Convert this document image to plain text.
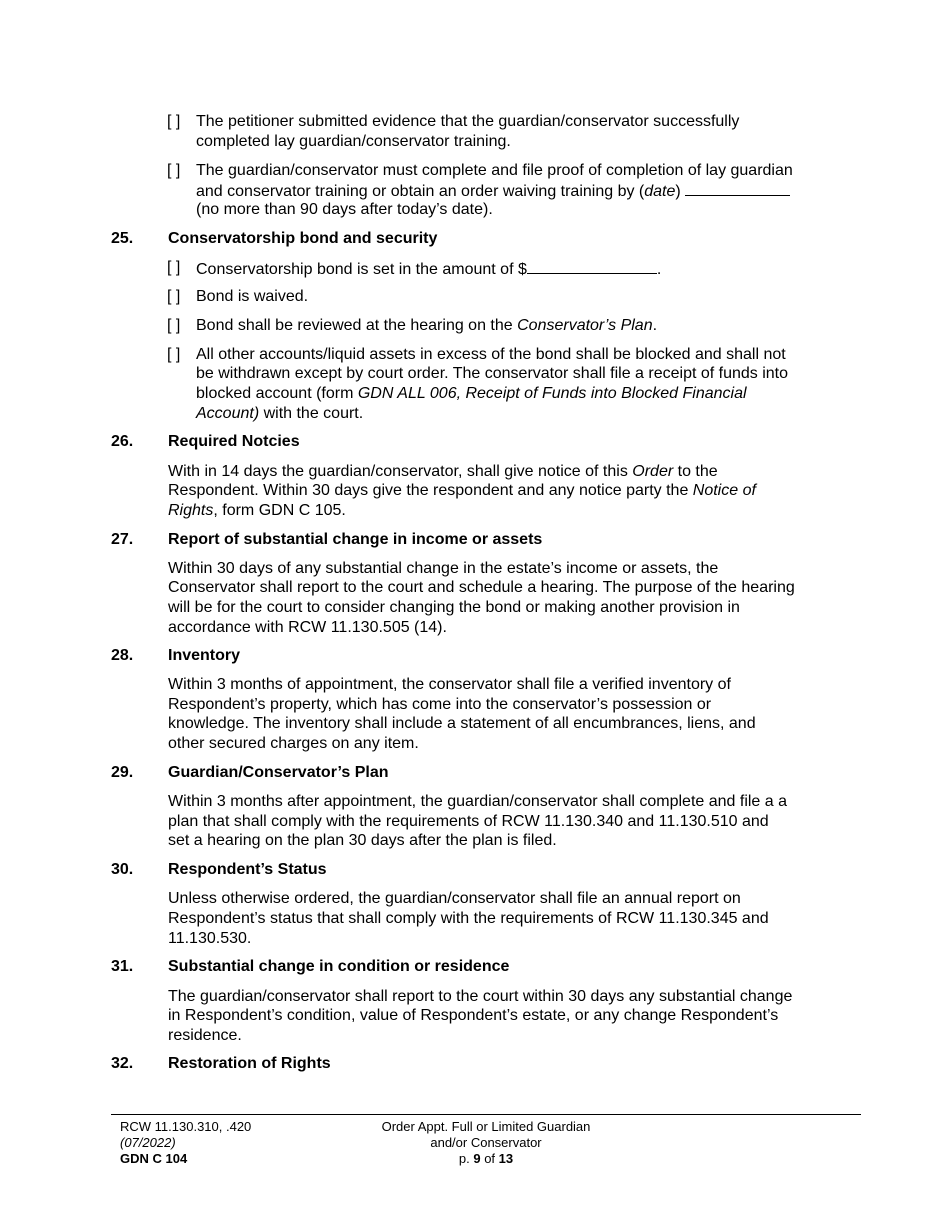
[ ] The petitioner submitted evidence that the guardian/conservator successfully
completed lay guardian/conservator training.
[ ] The guardian/conservator must complete and file proof of completion of lay guardian
and conservator training or obtain an order waiving training by (date)
(no more than 90 days after today’s date).
25. Conservatorship bond and security
[ ] Conservatorship bond is set in the amount of $	.
[ ] Bond is waived.
[ ] Bond shall be reviewed at the hearing on the Conservator’s Plan.
[ ] All other accounts/liquid assets in excess of the bond shall be blocked and shall not
be withdrawn except by court order. The conservator shall file a receipt of funds into
blocked account (form GDN ALL 006, Receipt of Funds into Blocked Financial
Account) with the court.
26. Required Notcies
With in 14 days the guardian/conservator, shall give notice of this Order to the
Respondent. Within 30 days give the respondent and any notice party the Notice of
Rights, form GDN C 105.
27. Report of substantial change in income or assets
Within 30 days of any substantial change in the estate’s income or assets, the
Conservator shall report to the court and schedule a hearing. The purpose of the hearing
will be for the court to consider changing the bond or making another provision in
accordance with RCW 11.130.505 (14).
28. Inventory
Within 3 months of appointment, the conservator shall file a verified inventory of
Respondent’s property, which has come into the conservator’s possession or
knowledge. The inventory shall include a statement of all encumbrances, liens, and
other secured charges on any item.
29. Guardian/Conservator’s Plan
Within 3 months after appointment, the guardian/conservator shall complete and file a a
plan that shall comply with the requirements of RCW 11.130.340 and 11.130.510 and
set a hearing on the plan 30 days after the plan is filed.
30. Respondent’s Status
Unless otherwise ordered, the guardian/conservator shall file an annual report on
Respondent’s status that shall comply with the requirements of RCW 11.130.345 and
11.130.530.
31. Substantial change in condition or residence
The guardian/conservator shall report to the court within 30 days any substantial change
in Respondent’s condition, value of Respondent’s estate, or any change Respondent’s
residence.
32. Restoration of Rights
RCW 11.130.310, .420
(07/2022)
GDN C 104
Order Appt. Full or Limited Guardian
and/or Conservator
p. 9 of 13
